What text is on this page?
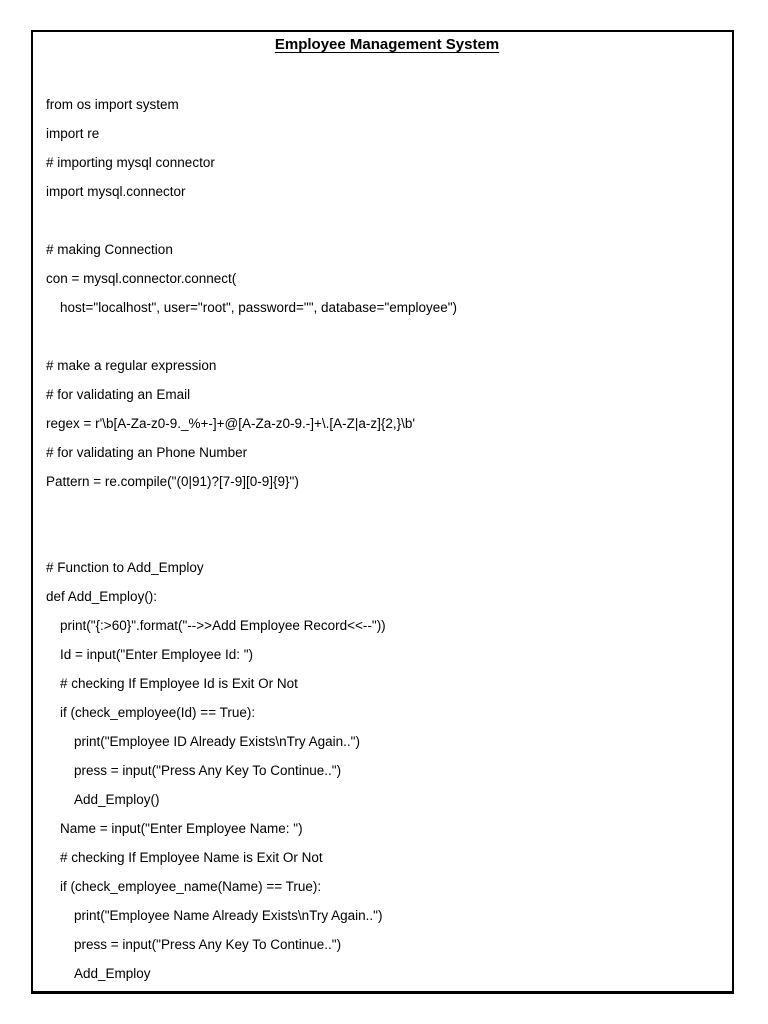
Employee Management System
from os import system
import re
# importing mysql connector
import mysql.connector
# making Connection
con = mysql.connector.connect(
host="localhost", user="root", password="", database="employee")
# make a regular expression
# for validating an Email
regex = r'\b[A-Za-z0-9._%+-]+@[A-Za-z0-9.-]+\.[A-Z|a-z]{2,}\b'
# for validating an Phone Number
Pattern = re.compile("(0|91)?[7-9][0-9]{9}")
# Function to Add_Employ
def Add_Employ():
print("{:>60}".format("-->>Add Employee Record<<--"))
Id = input("Enter Employee Id: ")
# checking If Employee Id is Exit Or Not
if (check_employee(Id) == True):
print("Employee ID Already Exists\nTry Again..")
press = input("Press Any Key To Continue..")
Add_Employ()
Name = input("Enter Employee Name: ")
# checking If Employee Name is Exit Or Not
if (check_employee_name(Name) == True):
print("Employee Name Already Exists\nTry Again..")
press = input("Press Any Key To Continue..")
Add_Employ
